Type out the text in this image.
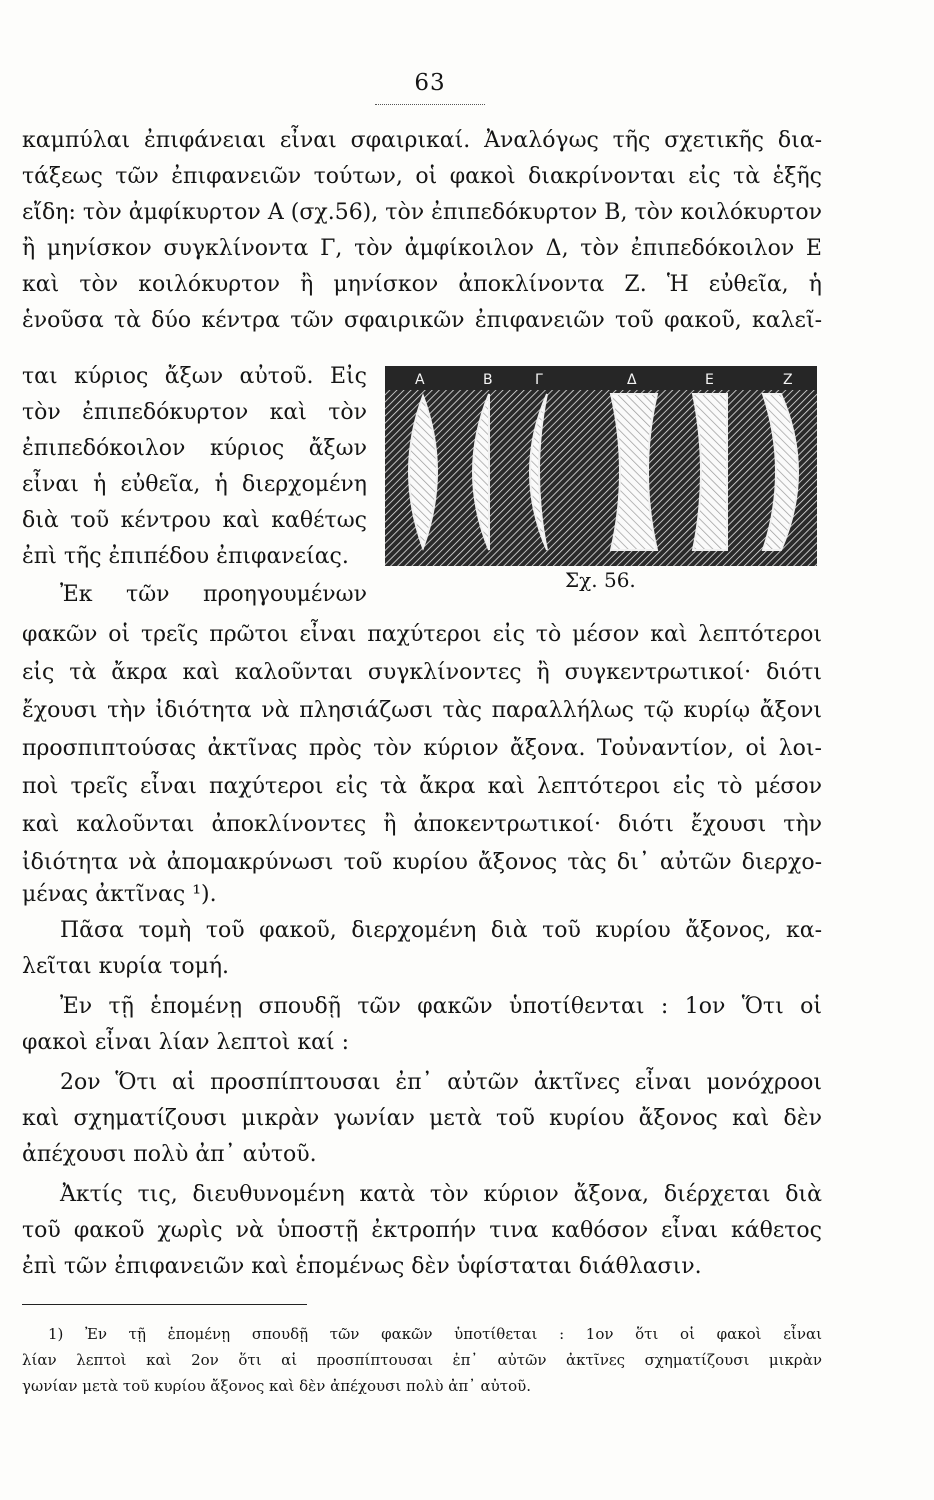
63
καμπύλαι ἐπιφάνειαι εἶναι σφαιρικαί. Ἀναλόγως τῆς σχετικῆς δια-
τάξεως τῶν ἐπιφανειῶν τούτων, οἱ φακοὶ διακρίνονται εἰς τὰ ἑξῆς
εἴδη: τὸν ἀμφίκυρτον Α (σχ.56), τὸν ἐπιπεδόκυρτον Β, τὸν κοιλόκυρτον
ἢ μηνίσκον συγκλίνοντα Γ, τὸν ἀμφίκοιλον Δ, τὸν ἐπιπεδόκοιλον Ε
καὶ τὸν κοιλόκυρτον ἢ μηνίσκον ἀποκλίνοντα Ζ. Ἡ εὐθεῖα, ἡ
ἑνοῦσα τὰ δύο κέντρα τῶν σφαιρικῶν ἐπιφανειῶν τοῦ φακοῦ, καλεῖ-
ται κύριος ἄξων αὐτοῦ. Εἰς
τὸν ἐπιπεδόκυρτον καὶ τὸν
ἐπιπεδόκοιλον κύριος ἄξων
εἶναι ἡ εὐθεῖα, ἡ διερχομένη
διὰ τοῦ κέντρου καὶ καθέτως
ἐπὶ τῆς ἐπιπέδου ἐπιφανείας.
Ἐκ τῶν προηγουμένων
Α	Β	Γ	Δ	Ε	Ζ
Σχ. 56.
φακῶν οἱ τρεῖς πρῶτοι εἶναι παχύτεροι εἰς τὸ μέσον καὶ λεπτότεροι
εἰς τὰ ἄκρα καὶ καλοῦνται συγκλίνοντες ἢ συγκεντρωτικοί· διότι
ἔχουσι τὴν ἰδιότητα νὰ πλησιάζωσι τὰς παραλλήλως τῷ κυρίῳ ἄξονι
προσπιπτούσας ἀκτῖνας πρὸς τὸν κύριον ἄξονα. Τοὐναντίον, οἱ λοι-
ποὶ τρεῖς εἶναι παχύτεροι εἰς τὰ ἄκρα καὶ λεπτότεροι εἰς τὸ μέσον
καὶ καλοῦνται ἀποκλίνοντες ἢ ἀποκεντρωτικοί· διότι ἔχουσι τὴν
ἰδιότητα νὰ ἀπομακρύνωσι τοῦ κυρίου ἄξονος τὰς δι᾽ αὐτῶν διερχο-
μένας ἀκτῖνας ¹).
Πᾶσα τομὴ τοῦ φακοῦ, διερχομένη διὰ τοῦ κυρίου ἄξονος, κα-
λεῖται κυρία τομή.
Ἐν τῇ ἑπομένῃ σπουδῇ τῶν φακῶν ὑποτίθενται : 1ον Ὅτι οἱ
φακοὶ εἶναι λίαν λεπτοὶ καί :
2ον Ὅτι αἱ προσπίπτουσαι ἐπ᾽ αὐτῶν ἀκτῖνες εἶναι μονόχροοι
καὶ σχηματίζουσι μικρὰν γωνίαν μετὰ τοῦ κυρίου ἄξονος καὶ δὲν
ἀπέχουσι πολὺ ἀπ᾽ αὐτοῦ.
Ἀκτίς τις, διευθυνομένη κατὰ τὸν κύριον ἄξονα, διέρχεται διὰ
τοῦ φακοῦ χωρὶς νὰ ὑποστῇ ἐκτροπήν τινα καθόσον εἶναι κάθετος
ἐπὶ τῶν ἐπιφανειῶν καὶ ἑπομένως δὲν ὑφίσταται διάθλασιν.
1) Ἐν τῇ ἑπομένῃ σπουδῇ τῶν φακῶν ὑποτίθεται : 1ον ὅτι οἱ φακοὶ εἶναι
λίαν λεπτοὶ καὶ 2ον ὅτι αἱ προσπίπτουσαι ἐπ᾽ αὐτῶν ἀκτῖνες σχηματίζουσι μικρὰν
γωνίαν μετὰ τοῦ κυρίου ἄξονος καὶ δὲν ἀπέχουσι πολὺ ἀπ᾽ αὐτοῦ.
